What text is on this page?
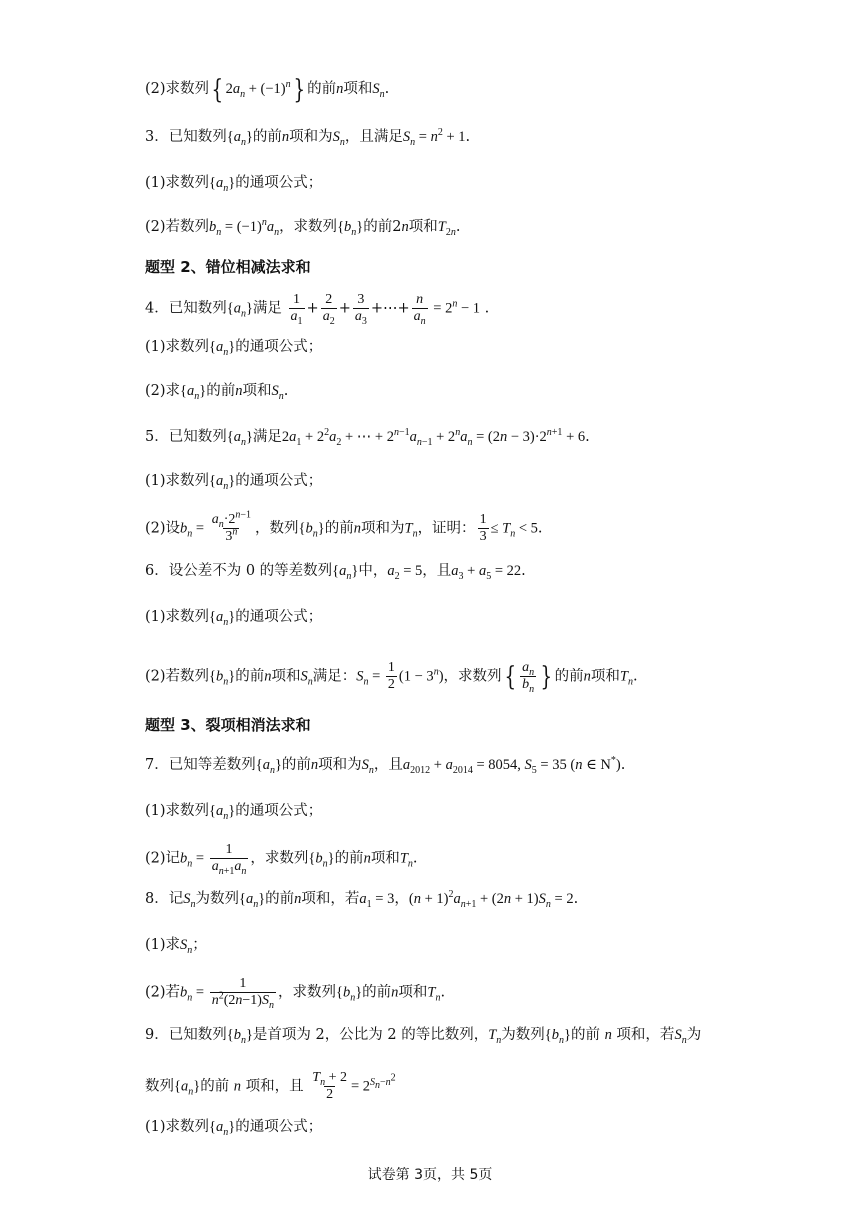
(2)求数列{ $2a_n + (-1)^n$} 的前n项和$S_n$.
3．已知数列$\{a_n\}$的前n项和为$S_n$，且满足$S_n = n^2 + 1$.
(1)求数列$\{a_n\}$的通项公式；
(2)若数列$b_n = (-1)^na_n$，求数列$\{b_n\}$的前2n项和$T_{2n}$.
题型 2、错位相减法求和
4．已知数列$\{a_n\}$满足 $\frac{1}{a_1} + \frac{2}{a_2} + \frac{3}{a_3}$ +⋯+ $\frac{n}{a_n} = 2^n - 1$ .
(1)求数列$\{a_n\}$的通项公式；
(2)求$\{a_n\}$的前n项和$S_n$.
5．已知数列$\{a_n\}$满足$2a_1 + 2^2a_2$ + ⋯ + $2^{n-1}a_{n-1} + 2^na_n = (2n - 3)\cdot 2^{n+1} + 6$.
(1)求数列$\{a_n\}$的通项公式；
(2)设$b_n = \frac{a_n\cdot 2^{n-1}}{3^n}$ ，数列$\{b_n\}$的前n项和为$T_n$，证明： $\frac{1}{3} \le T_n < 5$.
6．设公差不为 0 的等差数列$\{a_n\}$中，$a_2 = 5$，且$a_3 + a_5 = 22$.
(1)求数列$\{a_n\}$的通项公式；
(2)若数列$\{b_n\}$的前n项和$S_n$满足：$S_n = \frac{1}{2} (1 - 3^n)$，求数列{ $\frac{a_n}{b_n}$ } 的前n项和$T_n$.
题型 3、裂项相消法求和
7．已知等差数列$\{a_n\}$的前n项和为$S_n$，且$a_{2012} + a_{2014} = 8054$, $S_5 = 35$ (n ∈ N*).
(1)求数列$\{a_n\}$的通项公式；
(2)记$b_n = \frac{1}{a_{n+1}a_n}$ ，求数列$\{b_n\}$的前n项和$T_n$.
8．记$S_n$为数列$\{a_n\}$的前n项和，若$a_1 = 3$，$(n + 1)^2a_{n+1} + (2n + 1)S_n = 2$.
(1)求$S_n$；
(2)若$b_n = \frac{1}{n^2(2n-1)S_n}$ ，求数列$\{b_n\}$的前n项和$T_n$.
9．已知数列$\{b_n\}$是首项为 2，公比为 2 的等比数列，$T_n$为数列$\{b_n\}$的前 n 项和，若$S_n$为
数列$\{a_n\}$的前 n 项和，且 $\frac{T_n + 2}{2} = 2^{S_n-n^2}$
(1)求数列$\{a_n\}$的通项公式；
试卷第 3页，共 5页
